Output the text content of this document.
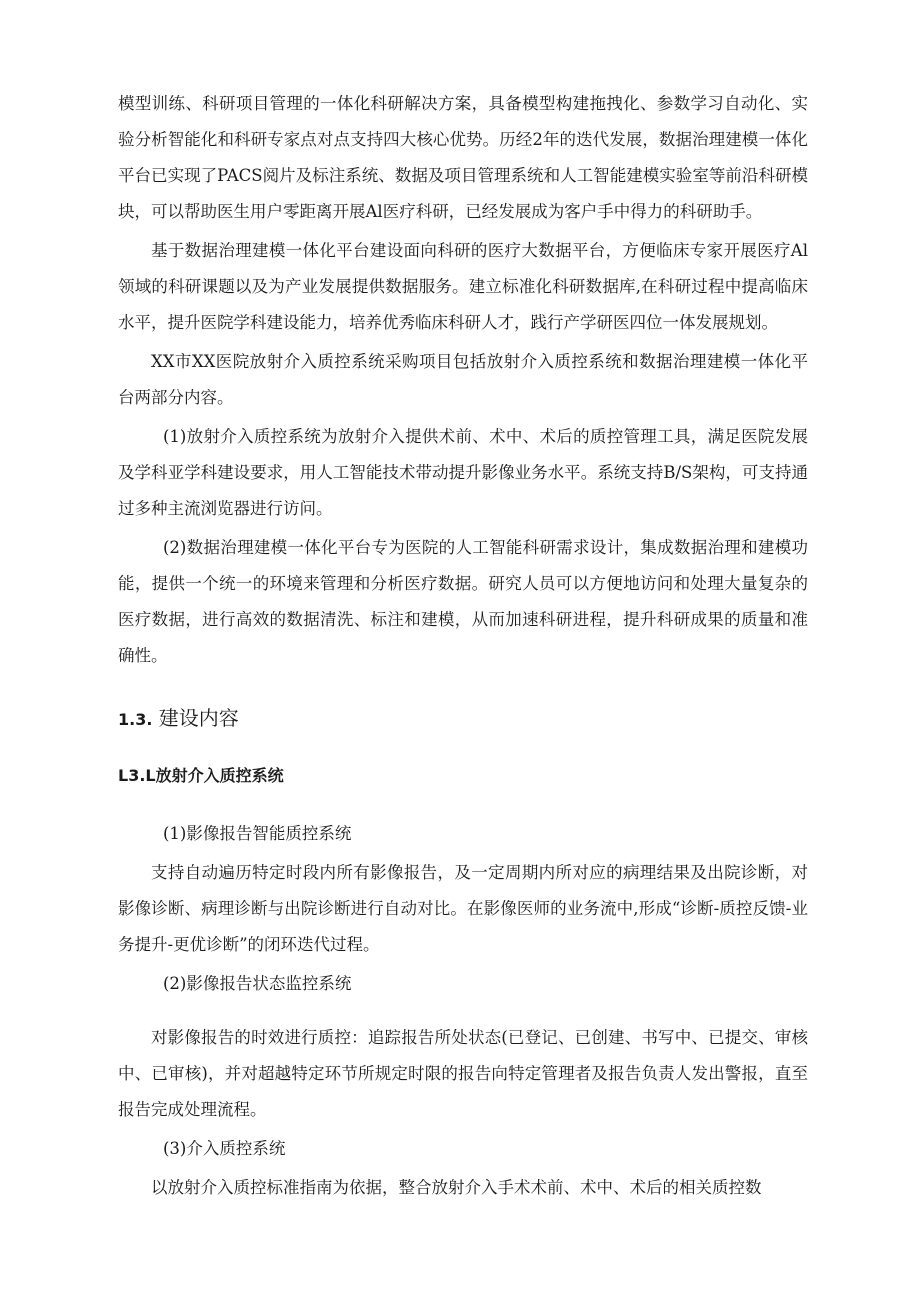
模型训练、科研项目管理的一体化科研解决方案，具备模型构建拖拽化、参数学习自动化、实验分析智能化和科研专家点对点支持四大核心优势。历经2年的迭代发展，数据治理建模一体化平台已实现了PACS阅片及标注系统、数据及项目管理系统和人工智能建模实验室等前沿科研模块，可以帮助医生用户零距离开展Al医疗科研，已经发展成为客户手中得力的科研助手。

基于数据治理建模一体化平台建设面向科研的医疗大数据平台，方便临床专家开展医疗Al领域的科研课题以及为产业发展提供数据服务。建立标准化科研数据库,在科研过程中提高临床水平，提升医院学科建设能力，培养优秀临床科研人才，践行产学研医四位一体发展规划。

XX市XX医院放射介入质控系统采购项目包括放射介入质控系统和数据治理建模一体化平台两部分内容。

(1)放射介入质控系统为放射介入提供术前、术中、术后的质控管理工具，满足医院发展及学科亚学科建设要求，用人工智能技术带动提升影像业务水平。系统支持B/S架构，可支持通过多种主流浏览器进行访问。

(2)数据治理建模一体化平台专为医院的人工智能科研需求设计，集成数据治理和建模功能，提供一个统一的环境来管理和分析医疗数据。研究人员可以方便地访问和处理大量复杂的医疗数据，进行高效的数据清洗、标注和建模，从而加速科研进程，提升科研成果的质量和准确性。

1.3. 建设内容
L3.L放射介入质控系统

(1)影像报告智能质控系统

支持自动遍历特定时段内所有影像报告，及一定周期内所对应的病理结果及出院诊断，对影像诊断、病理诊断与出院诊断进行自动对比。在影像医师的业务流中,形成“诊断-质控反馈-业务提升-更优诊断”的闭环迭代过程。

(2)影像报告状态监控系统

对影像报告的时效进行质控：追踪报告所处状态(已登记、已创建、书写中、已提交、审核中、已审核)，并对超越特定环节所规定时限的报告向特定管理者及报告负责人发出警报，直至报告完成处理流程。

(3)介入质控系统

以放射介入质控标准指南为依据，整合放射介入手术术前、术中、术后的相关质控数
